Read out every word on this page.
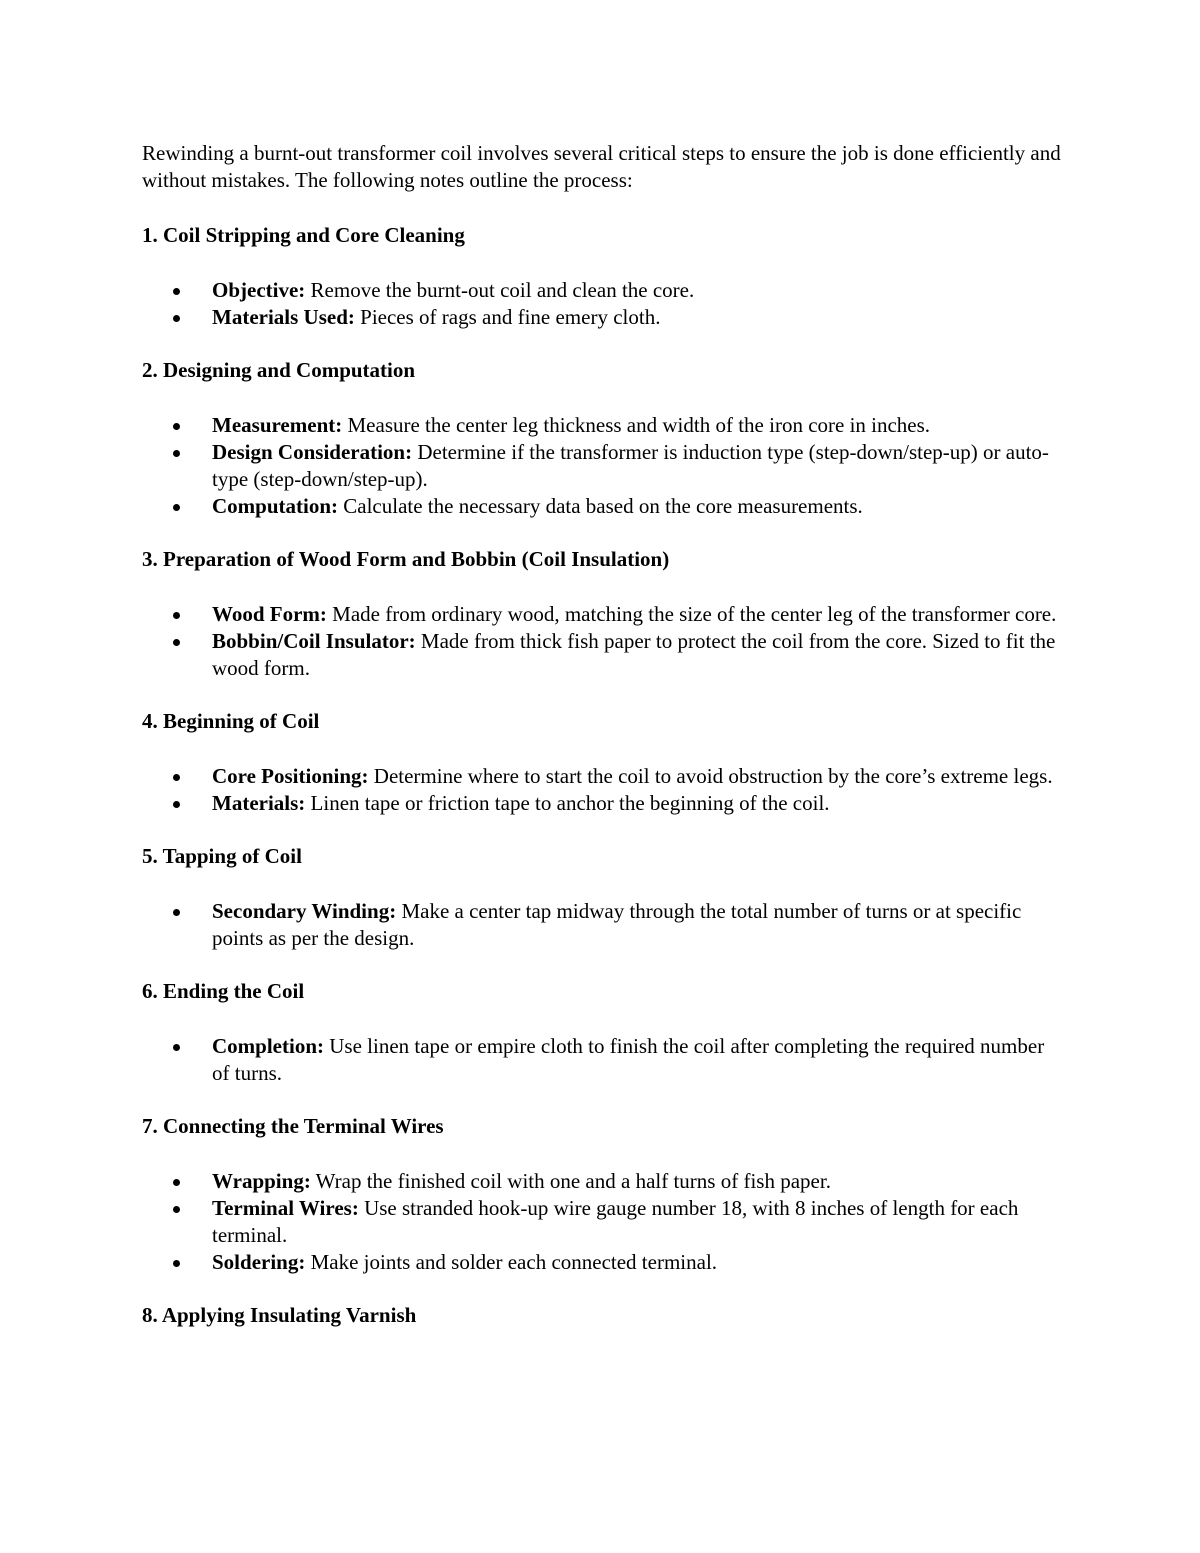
Rewinding a burnt-out transformer coil involves several critical steps to ensure the job is done efficiently and without mistakes. The following notes outline the process:

1. Coil Stripping and Core Cleaning

Objective: Remove the burnt-out coil and clean the core.
Materials Used: Pieces of rags and fine emery cloth.

2. Designing and Computation

Measurement: Measure the center leg thickness and width of the iron core in inches.
Design Consideration: Determine if the transformer is induction type (step-down/step-up) or auto-type (step-down/step-up).
Computation: Calculate the necessary data based on the core measurements.

3. Preparation of Wood Form and Bobbin (Coil Insulation)

Wood Form: Made from ordinary wood, matching the size of the center leg of the transformer core.
Bobbin/Coil Insulator: Made from thick fish paper to protect the coil from the core. Sized to fit the wood form.

4. Beginning of Coil

Core Positioning: Determine where to start the coil to avoid obstruction by the core’s extreme legs.
Materials: Linen tape or friction tape to anchor the beginning of the coil.

5. Tapping of Coil

Secondary Winding: Make a center tap midway through the total number of turns or at specific points as per the design.

6. Ending the Coil

Completion: Use linen tape or empire cloth to finish the coil after completing the required number of turns.

7. Connecting the Terminal Wires

Wrapping: Wrap the finished coil with one and a half turns of fish paper.
Terminal Wires: Use stranded hook-up wire gauge number 18, with 8 inches of length for each terminal.
Soldering: Make joints and solder each connected terminal.

8. Applying Insulating Varnish
